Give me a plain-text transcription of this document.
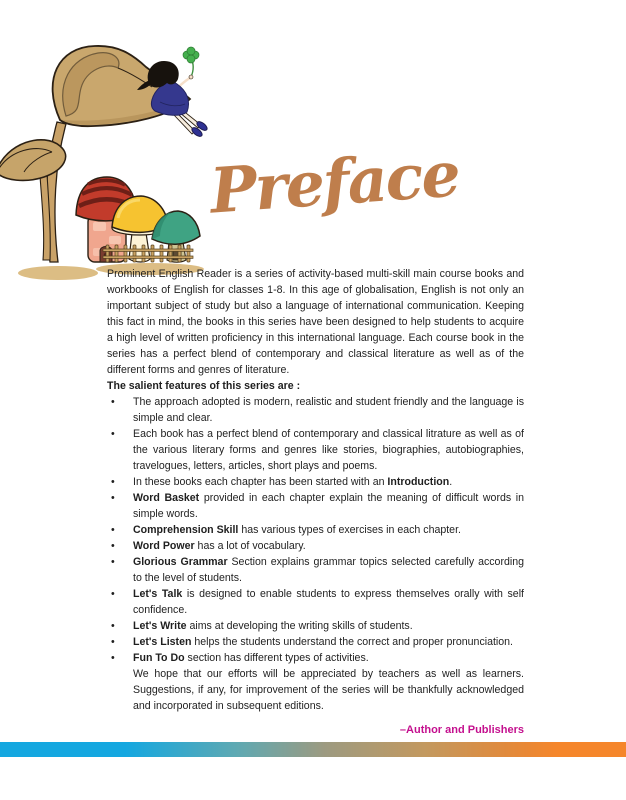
Preface

Prominent English Reader is a series of activity-based multi-skill main course books and workbooks of English for classes 1-8. In this age of globalisation, English is not only an important subject of study but also a language of international communication. Keeping this fact in mind, the books in this series have been designed to help students to acquire a high level of written proficiency in this international language. Each course book in the series has a perfect blend of contemporary and classical literature as well as of the different forms and genres of literature.

The salient features of this series are :

•	The approach adopted is modern, realistic and student friendly and the language is simple and clear.
•	Each book has a perfect blend of contemporary and classical litrature as well as of the various literary forms and genres like stories, biographies, autobiographies, travelogues, letters, articles, short plays and poems.
•	In these books each chapter has been started with an Introduction.
•	Word Basket provided in each chapter explain the meaning of difficult words in simple words.
•	Comprehension Skill has various types of exercises in each chapter.
•	Word Power has a lot of vocabulary.
•	Glorious Grammar Section explains grammar topics selected carefully according to the level of students.
•	Let's Talk is designed to enable students to express themselves orally with self confidence.
•	Let's Write aims at developing the writing skills of students.
•	Let's Listen helps the students understand the correct and proper pronunciation.
•	Fun To Do section has different types of activities.

We hope that our efforts will be appreciated by teachers as well as learners. Suggestions, if any, for improvement of the series will be thankfully acknowledged and incorporated in subsequent editions.

–Author and Publishers
